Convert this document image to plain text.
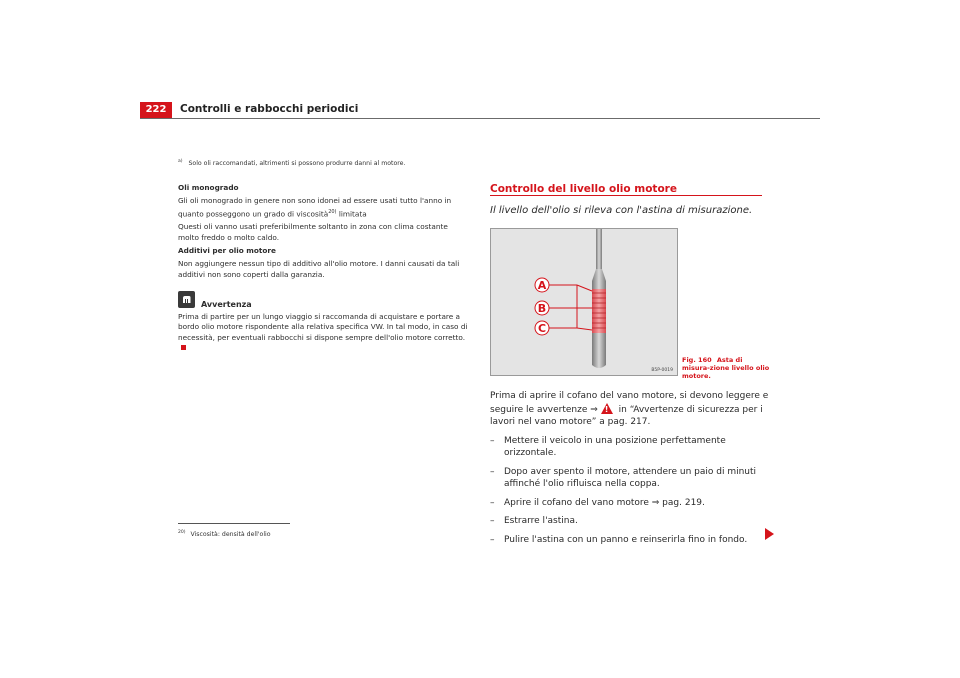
222	Controlli e rabbocchi periodici
$^{a)}$ Solo oli raccomandati, altrimenti si possono produrre danni al motore.

Oli monogrado

Gli oli monogrado in genere non sono idonei ad essere usati tutto l'anno in quanto posseggono un grado di viscosità$^{20)}$ limitata

Questi oli vanno usati preferibilmente soltanto in zona con clima costante molto freddo o molto caldo.

Additivi per olio motore

Non aggiungere nessun tipo di additivo all'olio motore. I danni causati da tali additivi non sono coperti dalla garanzia.

Avvertenza

Prima di partire per un lungo viaggio si raccomanda di acquistare e portare a bordo olio motore rispondente alla relativa specifica VW. In tal modo, in caso di necessità, per eventuali rabbocchi si dispone sempre dell'olio motore corretto.

$^{20)}$ Viscosità: densità dell'olio
Controllo del livello olio motore
Il livello dell'olio si rileva con l'astina di misurazione.
A
B
C
B5P-0019
Fig. 160 Asta di misura-zione livello olio motore.

Prima di aprire il cofano del vano motore, si devono leggere e seguire le avvertenze ⇒! in “Avvertenze di sicurezza per i lavori nel vano motore” a pag. 217.

–	Mettere il veicolo in una posizione perfettamente orizzontale.
–	Dopo aver spento il motore, attendere un paio di minuti affinché l'olio rifluisca nella coppa.
–	Aprire il cofano del vano motore ⇒ pag. 219.
–	Estrarre l'astina.
–	Pulire l'astina con un panno e reinserirla fino in fondo.
